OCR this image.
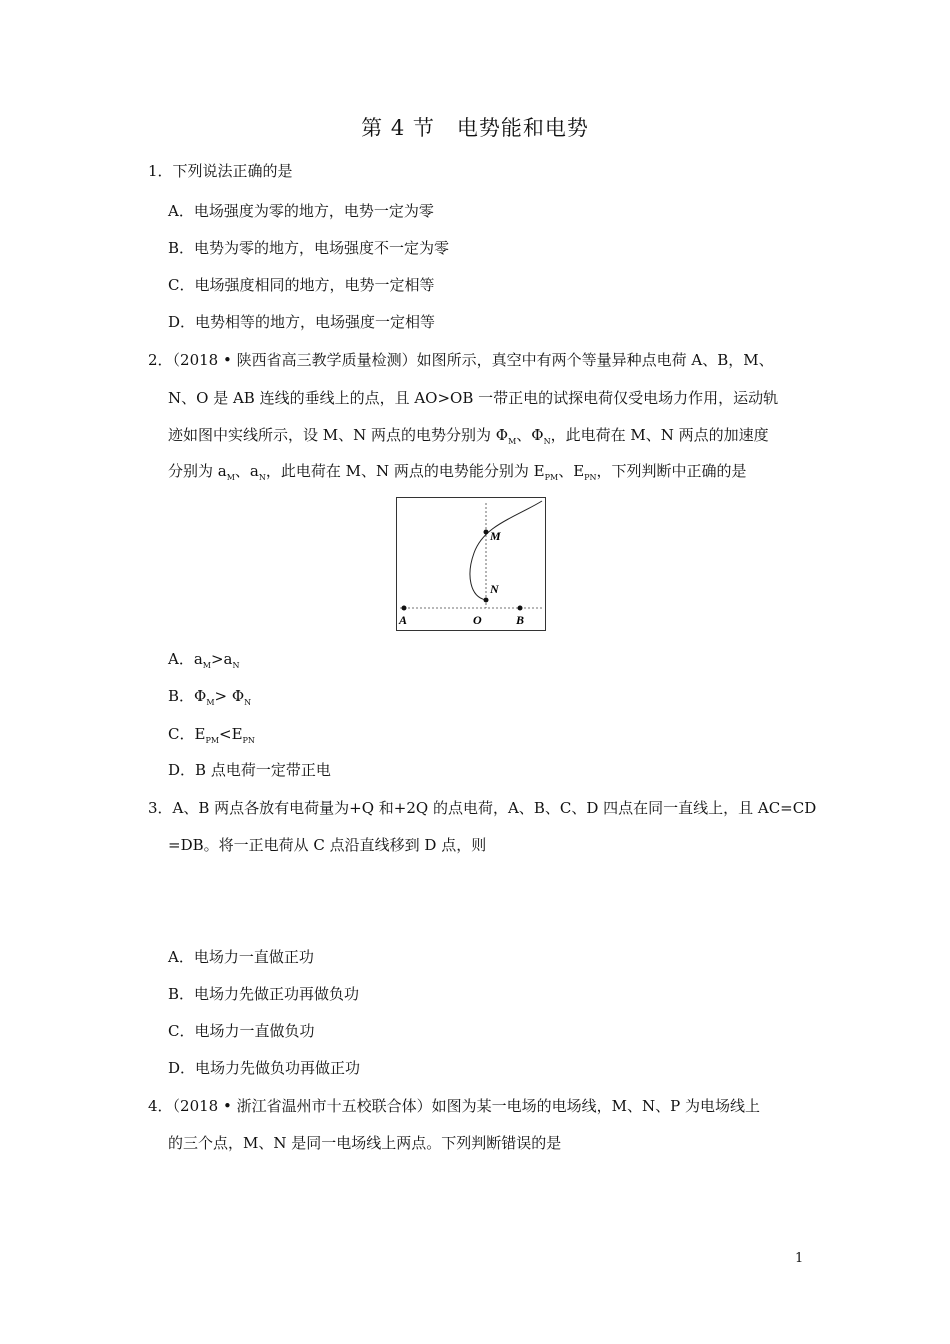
第 4 节　电势能和电势
1．下列说法正确的是
A．电场强度为零的地方，电势一定为零
B．电势为零的地方，电场强度不一定为零
C．电场强度相同的地方，电势一定相等
D．电势相等的地方，电场强度一定相等
2．（2018 • 陕西省高三教学质量检测）如图所示，真空中有两个等量异种点电荷 A、B，M、
N、O 是 AB 连线的垂线上的点，且 AO>OB 一带正电的试探电荷仅受电场力作用，运动轨
迹如图中实线所示，设 M、N 两点的电势分别为 $\Phi_M$、$\Phi_N$，此电荷在 M、N 两点的加速度
分别为 $a_M$、$a_N$，此电荷在 M、N 两点的电势能分别为 $E_{PM}$、$E_{PN}$，下列判断中正确的是
M
N
A	O	B
A．$a_M>a_N$
B．$\Phi_M> \Phi_N$
C．$E_{PM}<E_{PN}$
D．B 点电荷一定带正电
3．A、B 两点各放有电荷量为+Q 和+2Q 的点电荷，A、B、C、D 四点在同一直线上，且 AC=CD
=DB。将一正电荷从 C 点沿直线移到 D 点，则
A．电场力一直做正功
B．电场力先做正功再做负功
C．电场力一直做负功
D．电场力先做负功再做正功
4．（2018 • 浙江省温州市十五校联合体）如图为某一电场的电场线，M、N、P 为电场线上
的三个点，M、N 是同一电场线上两点。下列判断错误的是
1
